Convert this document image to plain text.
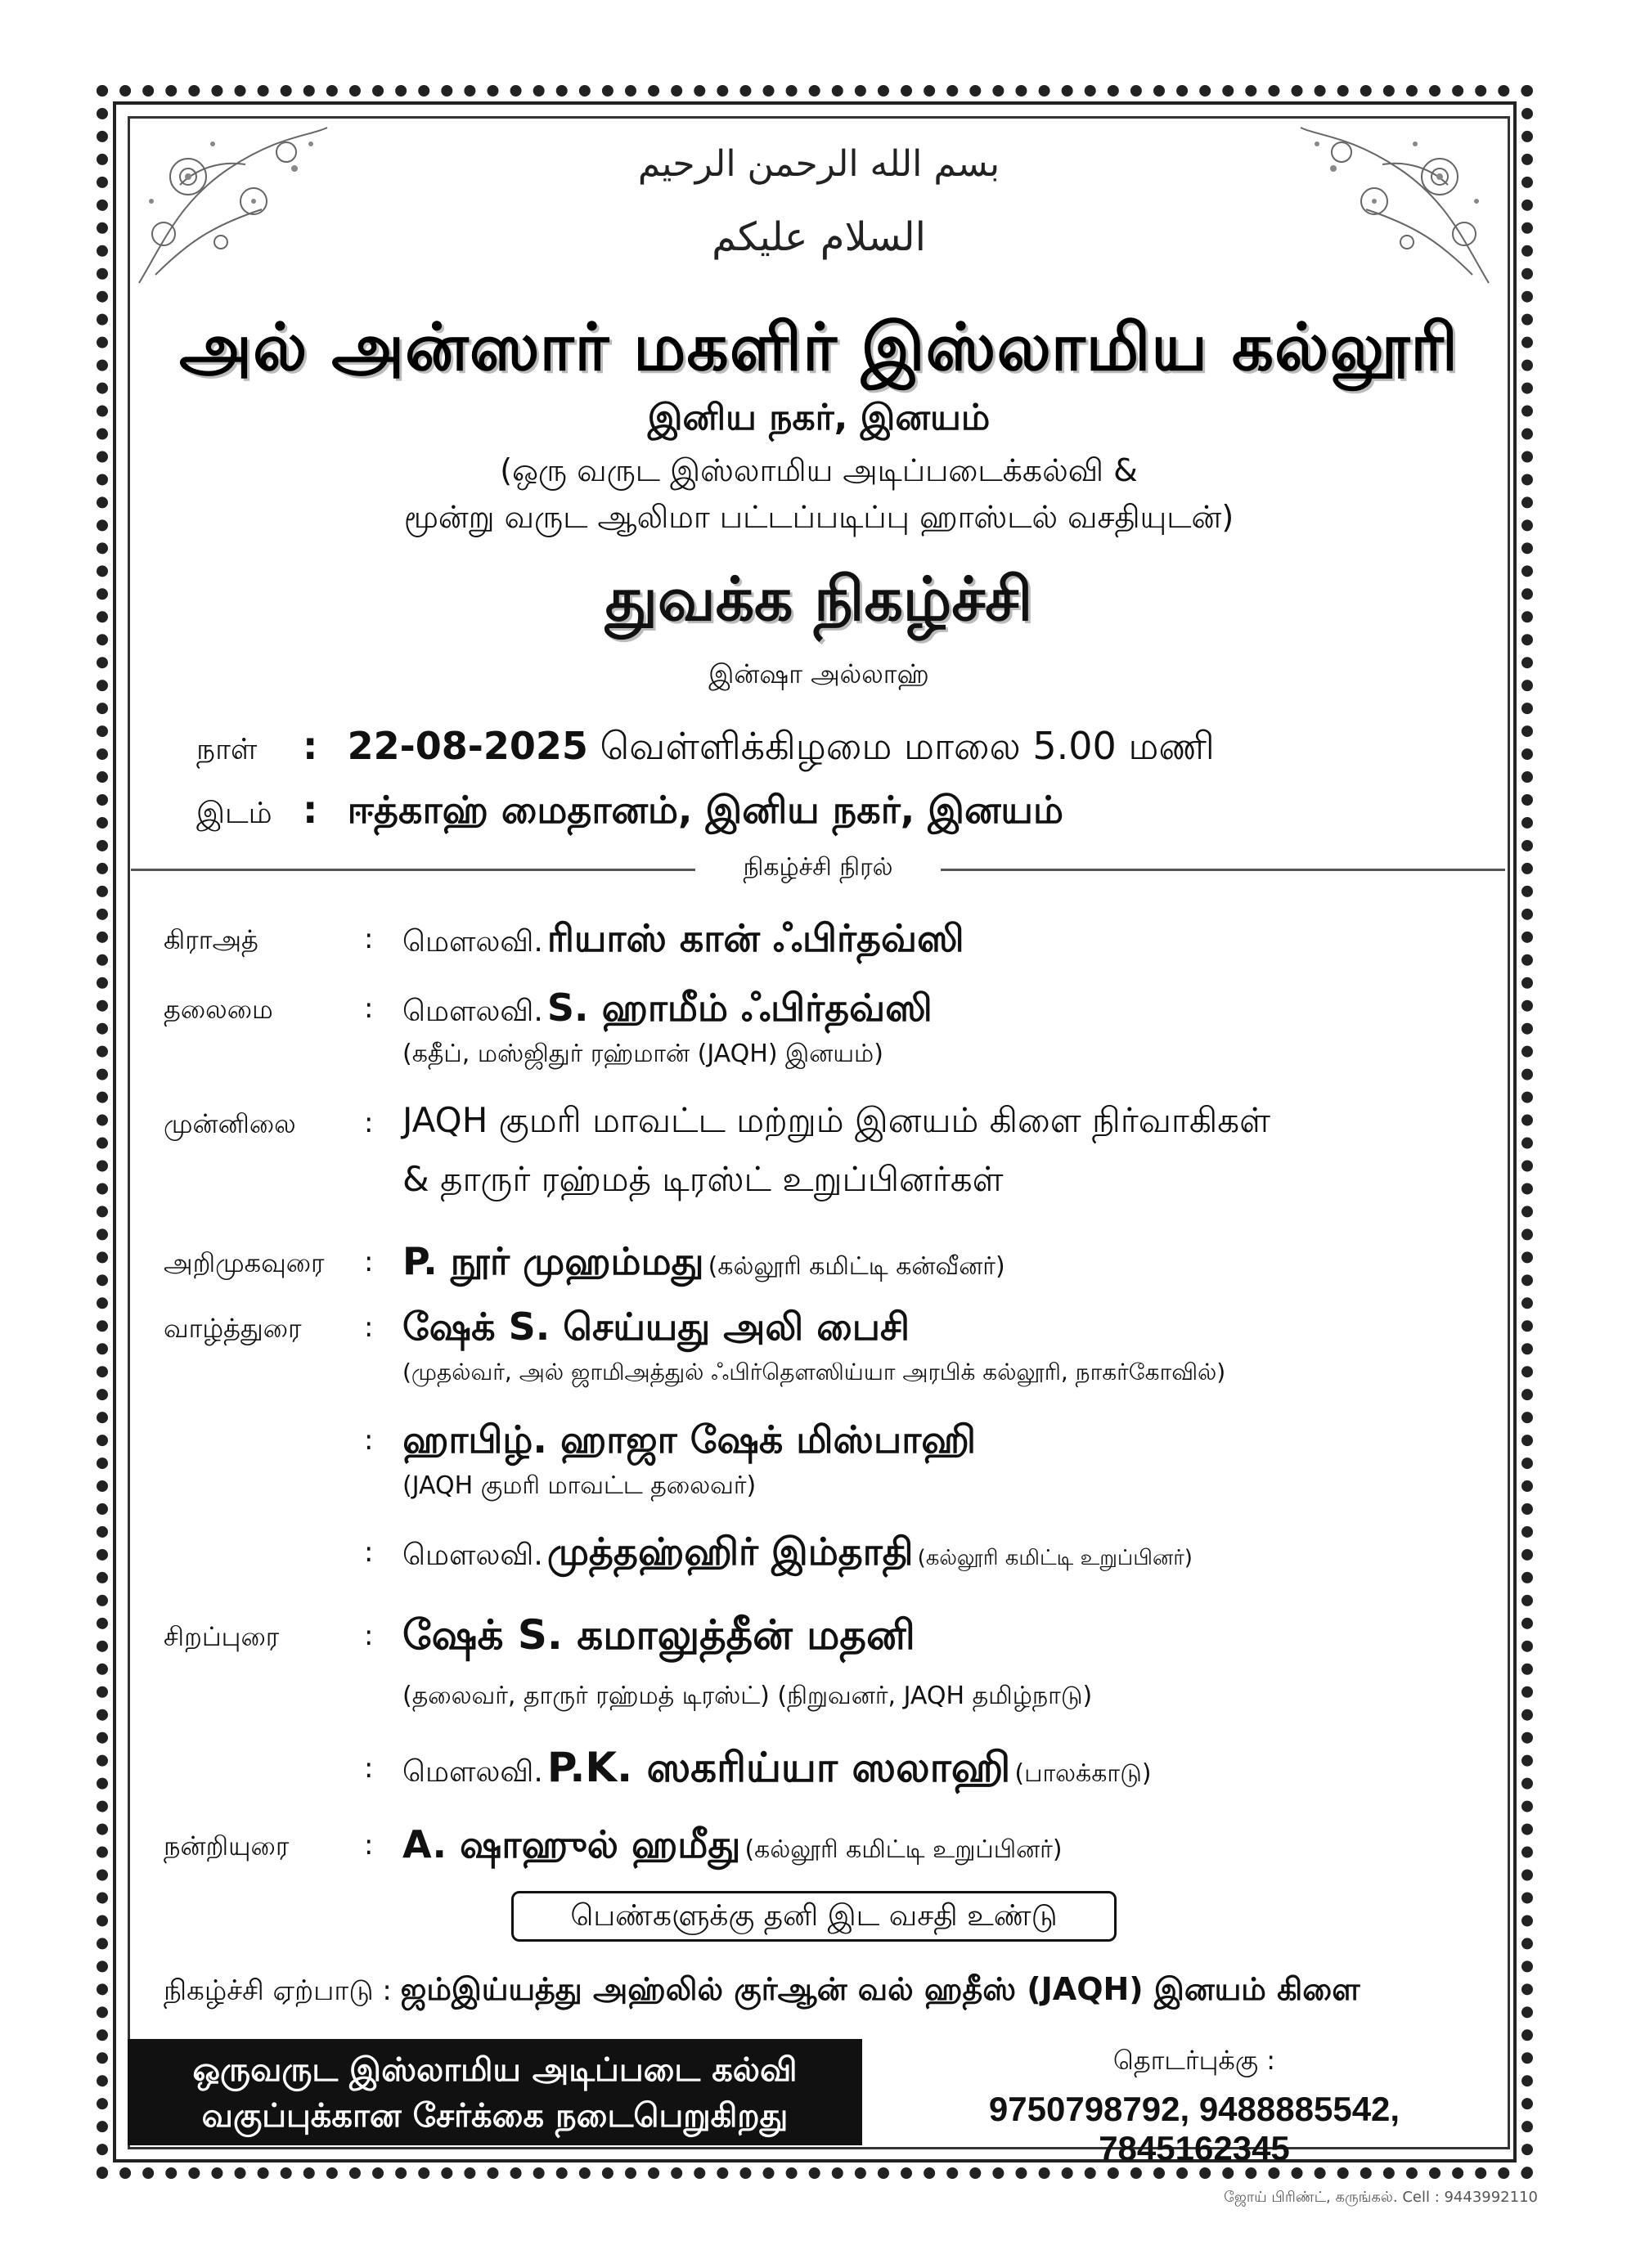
بسم الله الرحمن الرحيم
السلام عليكم
அல் அன்ஸார் மகளிர் இஸ்லாமிய கல்லூரி
இனிய நகர், இனயம்
(ஒரு வருட இஸ்லாமிய அடிப்படைக்கல்வி &
மூன்று வருட ஆலிமா பட்டப்படிப்பு ஹாஸ்டல் வசதியுடன்)
துவக்க நிகழ்ச்சி
இன்ஷா அல்லாஹ்
நாள் : 22-08-2025 வெள்ளிக்கிழமை மாலை 5.00 மணி
இடம் : ஈத்காஹ் மைதானம், இனிய நகர், இனயம்
நிகழ்ச்சி நிரல்
கிராஅத்	: மௌலவி. ரியாஸ் கான் ஃபிர்தவ்ஸி
தலைமை	: மௌலவி. S. ஹாமீம் ஃபிர்தவ்ஸி
(கதீப், மஸ்ஜிதுர் ரஹ்மான் (JAQH) இனயம்)
முன்னிலை	: JAQH குமரி மாவட்ட மற்றும் இனயம் கிளை நிர்வாகிகள்
& தாருர் ரஹ்மத் டிரஸ்ட் உறுப்பினர்கள்
அறிமுகவுரை	: P. நூர் முஹம்மது (கல்லூரி கமிட்டி கன்வீனர்)
வாழ்த்துரை	: ஷேக் S. செய்யது அலி பைசி
(முதல்வர், அல் ஜாமிஅத்துல் ஃபிர்தௌஸிய்யா அரபிக் கல்லூரி, நாகர்கோவில்)
: ஹாபிழ். ஹாஜா ஷேக் மிஸ்பாஹி
(JAQH குமரி மாவட்ட தலைவர்)
: மௌலவி. முத்தஹ்ஹிர் இம்தாதி (கல்லூரி கமிட்டி உறுப்பினர்)
சிறப்புரை	: ஷேக் S. கமாலுத்தீன் மதனி
(தலைவர், தாருர் ரஹ்மத் டிரஸ்ட்) (நிறுவனர், JAQH தமிழ்நாடு)
: மௌலவி. P.K. ஸகரிய்யா ஸலாஹி (பாலக்காடு)
நன்றியுரை	: A. ஷாஹுல் ஹமீது (கல்லூரி கமிட்டி உறுப்பினர்)
பெண்களுக்கு தனி இட வசதி உண்டு
நிகழ்ச்சி ஏற்பாடு : ஜம்இய்யத்து அஹ்லில் குர்ஆன் வல் ஹதீஸ் (JAQH) இனயம் கிளை
ஒருவருட இஸ்லாமிய அடிப்படை கல்வி
வகுப்புக்கான சேர்க்கை நடைபெறுகிறது
தொடர்புக்கு :
9750798792, 9488885542, 7845162345
ஜோய் பிரிண்ட், கருங்கல். Cell : 9443992110
